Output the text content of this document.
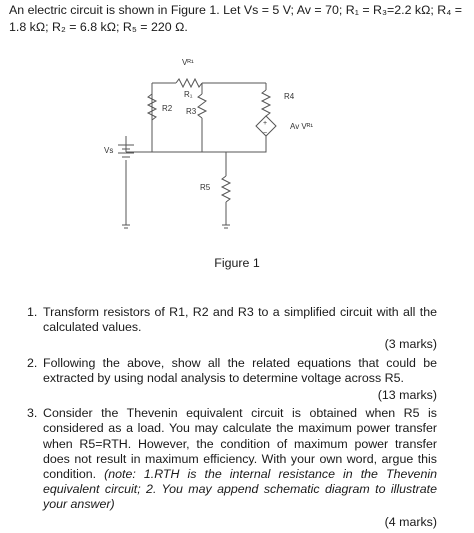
An electric circuit is shown in Figure 1. Let Vs = 5 V; Av = 70; R₁ = R₃=2.2 kΩ; R₄ =
1.8 kΩ; R₂ = 6.8 kΩ; R₅ = 220 Ω.
Vᴿ¹
R₁
R2 R3
R4
Av Vᴿ¹
Vs
R5
+
−
Figure 1
1. Transform resistors of R1, R2 and R3 to a simplified circuit with all the calculated values.
(3 marks)
2. Following the above, show all the related equations that could be extracted by using nodal analysis to determine voltage across R5.
(13 marks)
3. Consider the Thevenin equivalent circuit is obtained when R5 is considered as a load. You may calculate the maximum power transfer when R5=RTH. However, the condition of maximum power transfer does not result in maximum efficiency. With your own word, argue this condition. (note: 1.RTH is the internal resistance in the Thevenin equivalent circuit; 2. You may append schematic diagram to illustrate your answer)
(4 marks)
